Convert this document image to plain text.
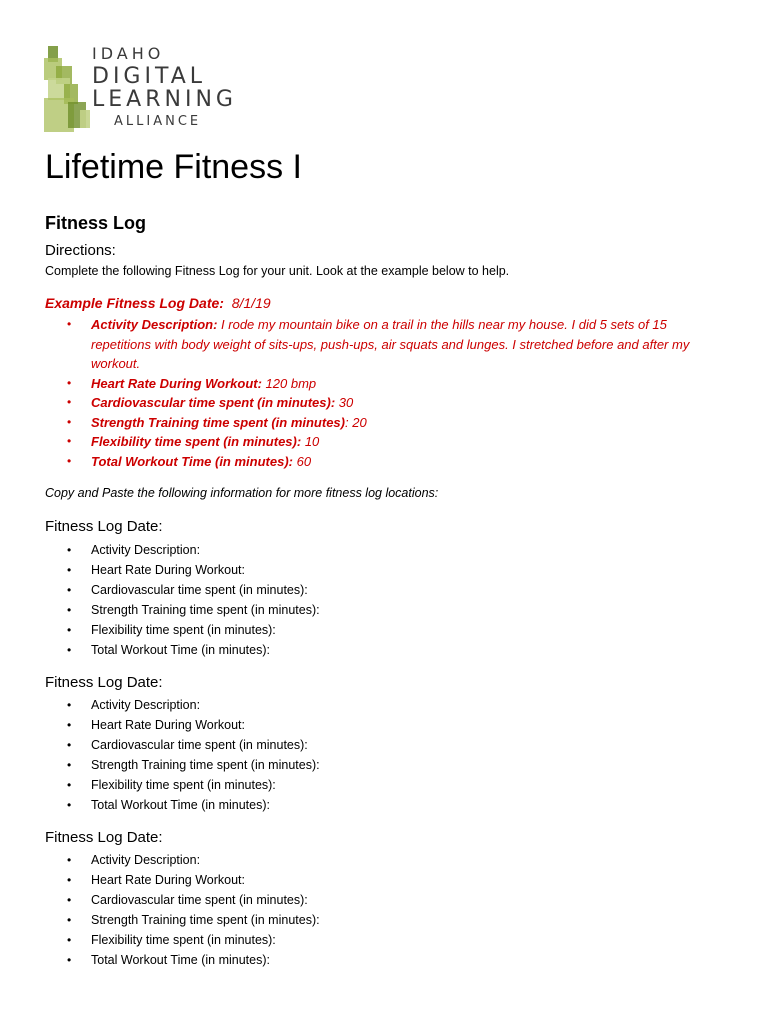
IDAHO
DIGITAL
LEARNING
ALLIANCE
Lifetime Fitness I
Fitness Log
Directions:
Complete the following Fitness Log for your unit. Look at the example below to help.
Example Fitness Log Date: 8/1/19
• Activity Description: I rode my mountain bike on a trail in the hills near my house. I did 5 sets of 15 repetitions with body weight of sits-ups, push-ups, air squats and lunges. I stretched before and after my workout.
• Heart Rate During Workout: 120 bmp
• Cardiovascular time spent (in minutes): 30
• Strength Training time spent (in minutes): 20
• Flexibility time spent (in minutes): 10
• Total Workout Time (in minutes): 60
Copy and Paste the following information for more fitness log locations:
Fitness Log Date:
• Activity Description:
• Heart Rate During Workout:
• Cardiovascular time spent (in minutes):
• Strength Training time spent (in minutes):
• Flexibility time spent (in minutes):
• Total Workout Time (in minutes):
Fitness Log Date:
• Activity Description:
• Heart Rate During Workout:
• Cardiovascular time spent (in minutes):
• Strength Training time spent (in minutes):
• Flexibility time spent (in minutes):
• Total Workout Time (in minutes):
Fitness Log Date:
• Activity Description:
• Heart Rate During Workout:
• Cardiovascular time spent (in minutes):
• Strength Training time spent (in minutes):
• Flexibility time spent (in minutes):
• Total Workout Time (in minutes):
